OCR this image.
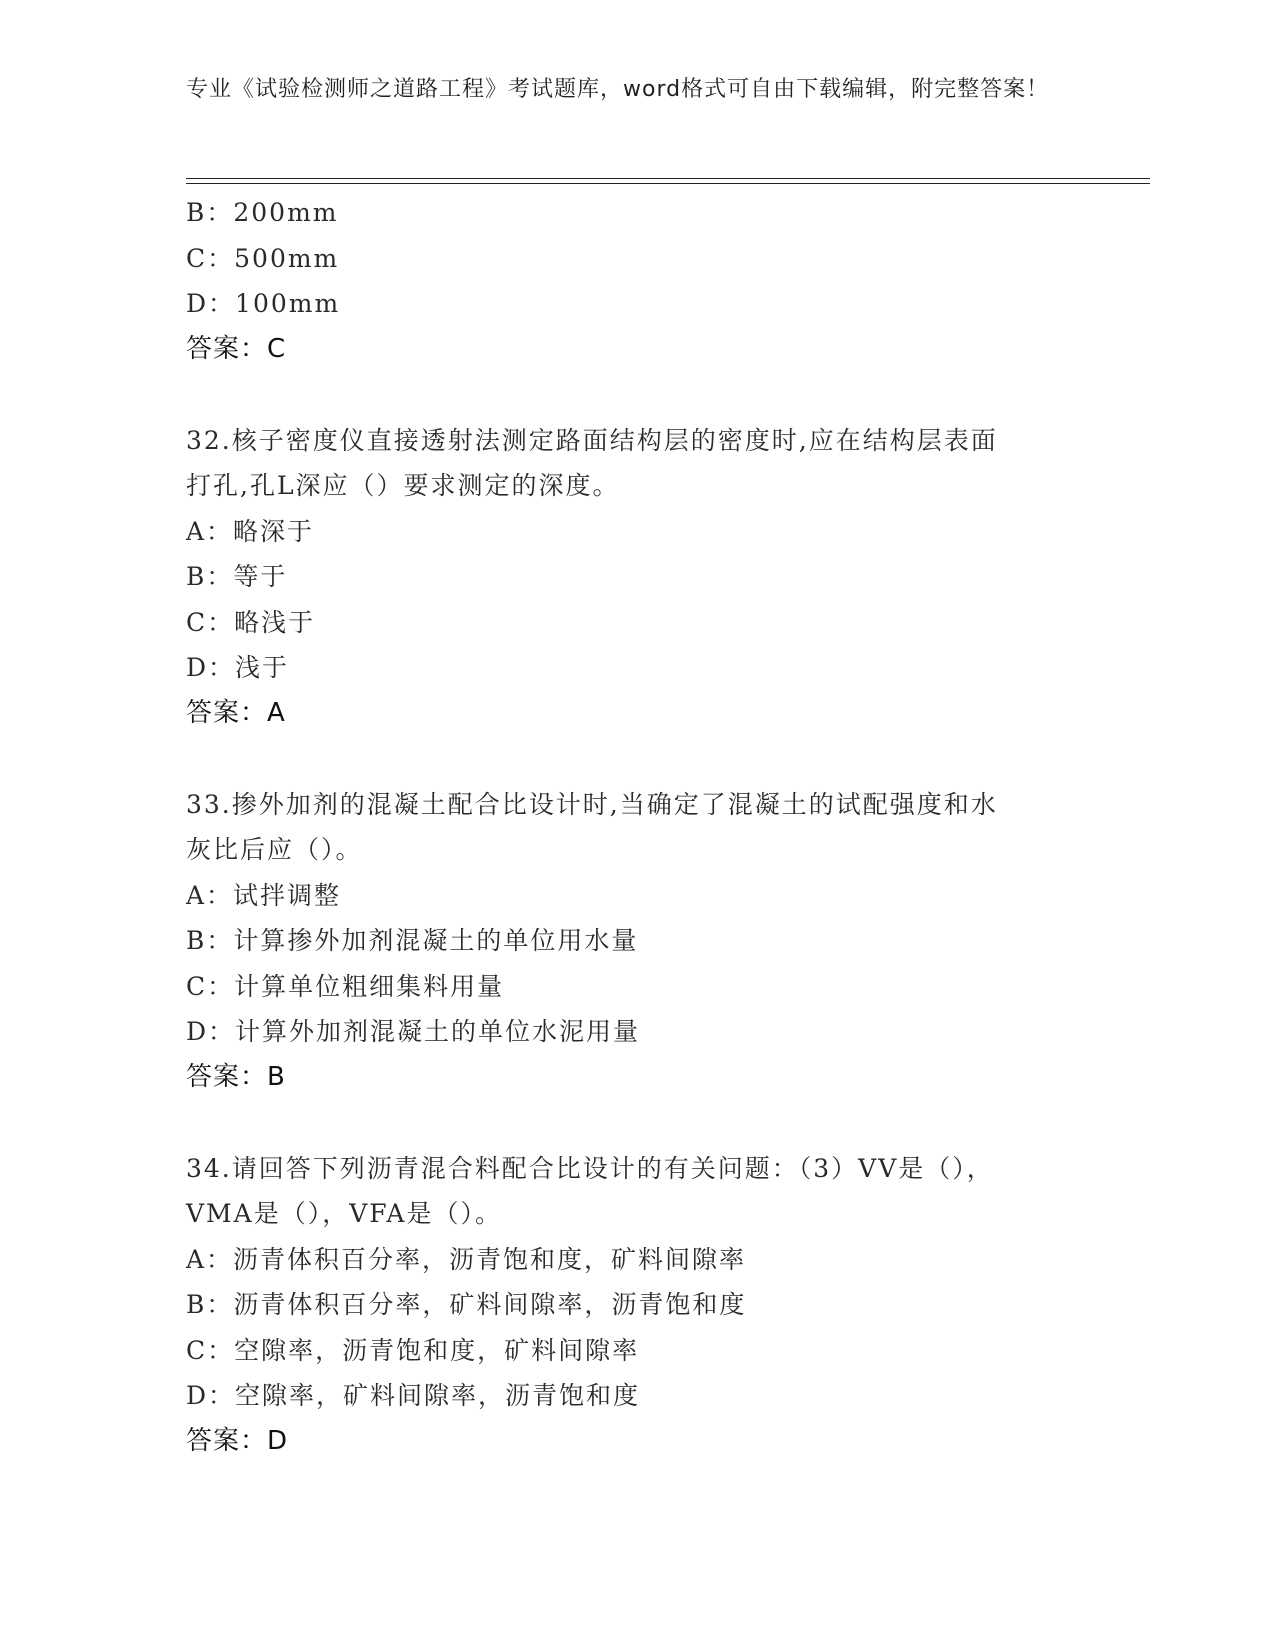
专业《试验检测师之道路工程》考试题库，word格式可自由下载编辑，附完整答案！
B：200mm
C：500mm
D：100mm
答案：C
32.核子密度仪直接透射法测定路面结构层的密度时,应在结构层表面
打孔,孔L深应（）要求测定的深度。
A：略深于
B：等于
C：略浅于
D：浅于
答案：A
33.掺外加剂的混凝土配合比设计时,当确定了混凝土的试配强度和水
灰比后应（）。
A：试拌调整
B：计算掺外加剂混凝土的单位用水量
C：计算单位粗细集料用量
D：计算外加剂混凝土的单位水泥用量
答案：B
34.请回答下列沥青混合料配合比设计的有关问题：（3）VV是（），
VMA是（），VFA是（）。
A：沥青体积百分率，沥青饱和度，矿料间隙率
B：沥青体积百分率，矿料间隙率，沥青饱和度
C：空隙率，沥青饱和度，矿料间隙率
D：空隙率，矿料间隙率，沥青饱和度
答案：D
